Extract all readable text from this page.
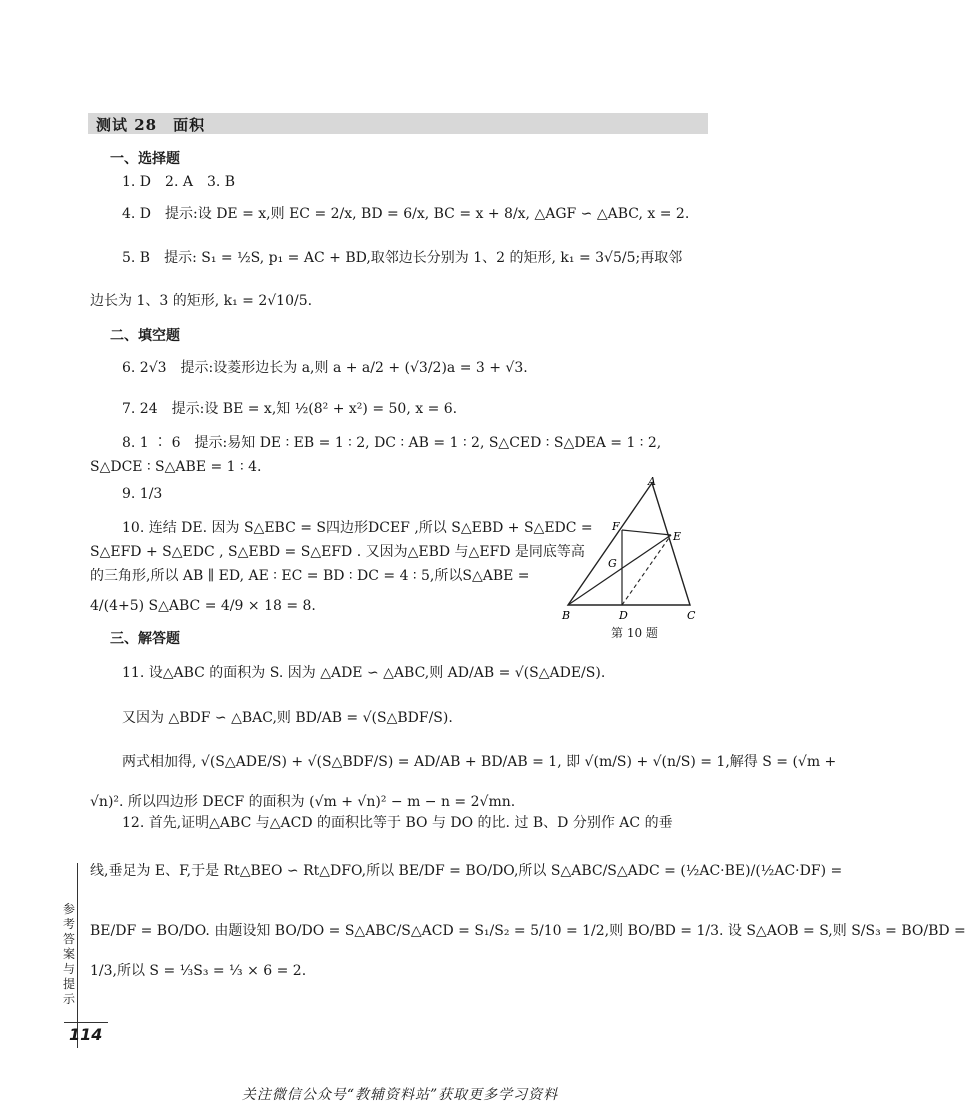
测试 28　面积
一、选择题
1. D　2. A　3. B
4. D　提示:设 DE = x,则 EC = 2/x, BD = 6/x, BC = x + 8/x, △AGF ∽ △ABC, x = 2.
5. B　提示: S₁ = ½S, p₁ = AC + BD,取邻边长分别为 1、2 的矩形, k₁ = 3√5/5;再取邻
边长为 1、3 的矩形, k₁ = 2√10/5.
二、填空题
6. 2√3　提示:设菱形边长为 a,则 a + a/2 + (√3/2)a = 3 + √3.
7. 24　提示:设 BE = x,知 ½(8² + x²) = 50, x = 6.
8. 1 ∶ 6　提示:易知 DE ∶ EB = 1 ∶ 2, DC ∶ AB = 1 ∶ 2, S△CED ∶ S△DEA = 1 ∶ 2,
S△DCE ∶ S△ABE = 1 ∶ 4.
9. 1/3
10. 连结 DE. 因为 S△EBC = S四边形DCEF ,所以 S△EBD + S△EDC =
S△EFD + S△EDC , S△EBD = S△EFD . 又因为△EBD 与△EFD 是同底等高
的三角形,所以 AB ∥ ED, AE ∶ EC = BD ∶ DC = 4 ∶ 5,所以S△ABE =
4/(4+5) S△ABC = 4/9 × 18 = 8.
A
F
E
G
B	D	C
第 10 题
三、解答题
11. 设△ABC 的面积为 S. 因为 △ADE ∽ △ABC,则 AD/AB = √(S△ADE/S).
又因为 △BDF ∽ △BAC,则 BD/AB = √(S△BDF/S).
两式相加得, √(S△ADE/S) + √(S△BDF/S) = AD/AB + BD/AB = 1, 即 √(m/S) + √(n/S) = 1,解得 S = (√m +
√n)². 所以四边形 DECF 的面积为 (√m + √n)² − m − n = 2√mn.
12. 首先,证明△ABC 与△ACD 的面积比等于 BO 与 DO 的比. 过 B、D 分别作 AC 的垂
线,垂足为 E、F,于是 Rt△BEO ∽ Rt△DFO,所以 BE/DF = BO/DO,所以 S△ABC/S△ADC = (½AC·BE)/(½AC·DF) =
BE/DF = BO/DO. 由题设知 BO/DO = S△ABC/S△ACD = S₁/S₂ = 5/10 = 1/2,则 BO/BD = 1/3. 设 S△AOB = S,则 S/S₃ = BO/BD =
1/3,所以 S = ⅓S₃ = ⅓ × 6 = 2.
参考答案与提示
114
关注微信公众号“教辅资料站”获取更多学习资料
